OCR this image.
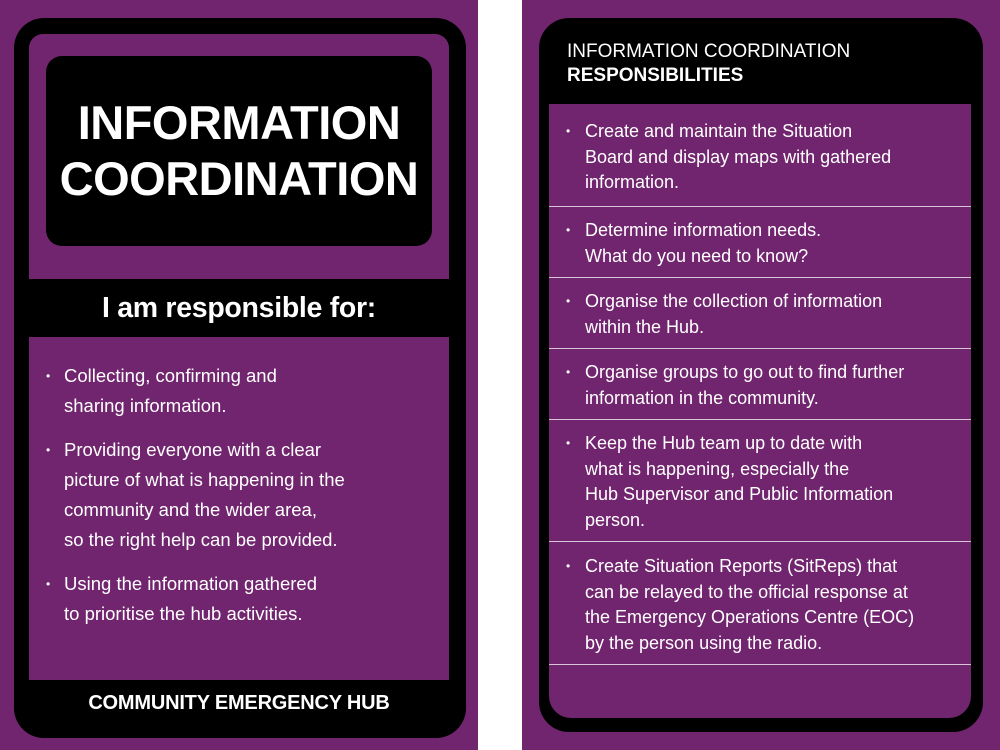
INFORMATION
COORDINATION
I am responsible for:
• Collecting, confirming and
sharing information.
• Providing everyone with a clear
picture of what is happening in the
community and the wider area,
so the right help can be provided.
• Using the information gathered
to prioritise the hub activities.
COMMUNITY EMERGENCY HUB
INFORMATION COORDINATION
RESPONSIBILITIES
• Create and maintain the Situation
Board and display maps with gathered
information.
• Determine information needs.
What do you need to know?
• Organise the collection of information
within the Hub.
• Organise groups to go out to find further
information in the community.
• Keep the Hub team up to date with
what is happening, especially the
Hub Supervisor and Public Information
person.
• Create Situation Reports (SitReps) that
can be relayed to the official response at
the Emergency Operations Centre (EOC)
by the person using the radio.
